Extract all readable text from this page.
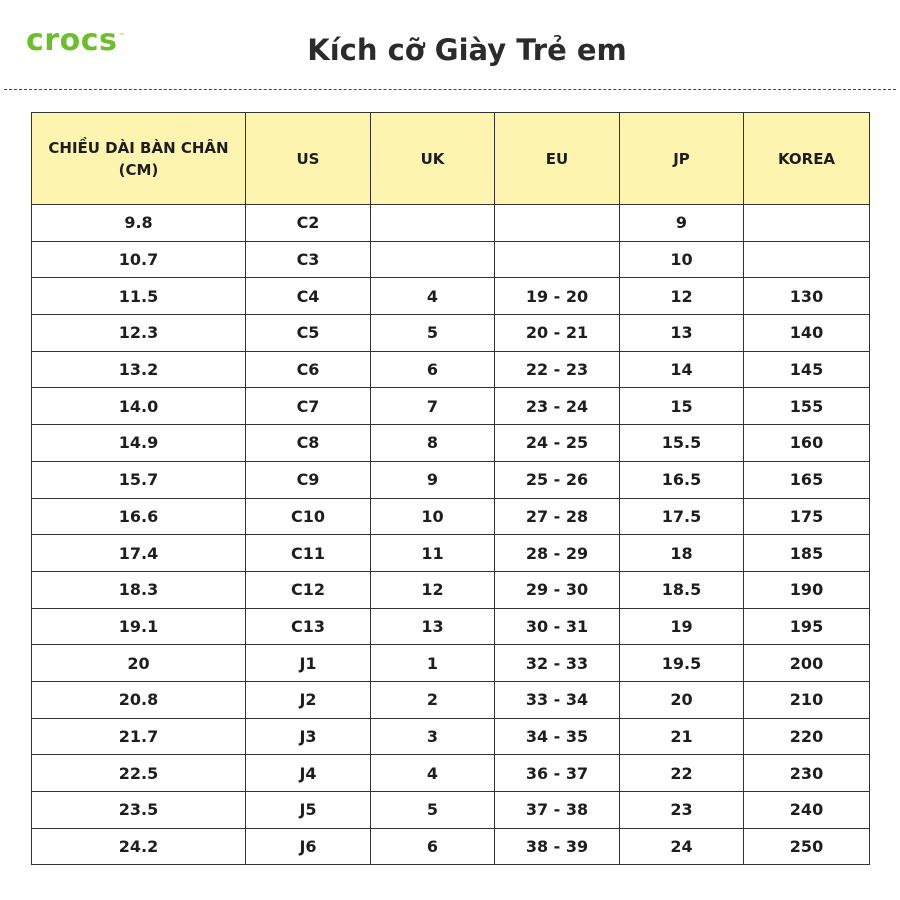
crocs ™	Kích cỡ Giày Trẻ em
CHIỀU DÀI BÀN CHÂN (CM)	US	UK	EU	JP	KOREA
9.8	C2			9	
10.7	C3			10	
11.5	C4	4	19 - 20	12	130
12.3	C5	5	20 - 21	13	140
13.2	C6	6	22 - 23	14	145
14.0	C7	7	23 - 24	15	155
14.9	C8	8	24 - 25	15.5	160
15.7	C9	9	25 - 26	16.5	165
16.6	C10	10	27 - 28	17.5	175
17.4	C11	11	28 - 29	18	185
18.3	C12	12	29 - 30	18.5	190
19.1	C13	13	30 - 31	19	195
20	J1	1	32 - 33	19.5	200
20.8	J2	2	33 - 34	20	210
21.7	J3	3	34 - 35	21	220
22.5	J4	4	36 - 37	22	230
23.5	J5	5	37 - 38	23	240
24.2	J6	6	38 - 39	24	250
